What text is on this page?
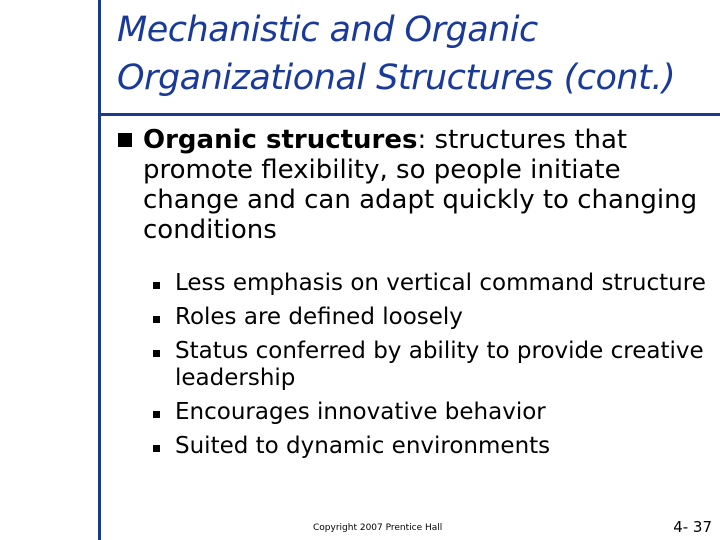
Mechanistic and Organic
Organizational Structures (cont.)
Organic structures: structures that promote flexibility, so people initiate change and can adapt quickly to changing conditions
Less emphasis on vertical command structure
Roles are defined loosely
Status conferred by ability to provide creative leadership
Encourages innovative behavior
Suited to dynamic environments
Copyright 2007 Prentice Hall	4- 37
